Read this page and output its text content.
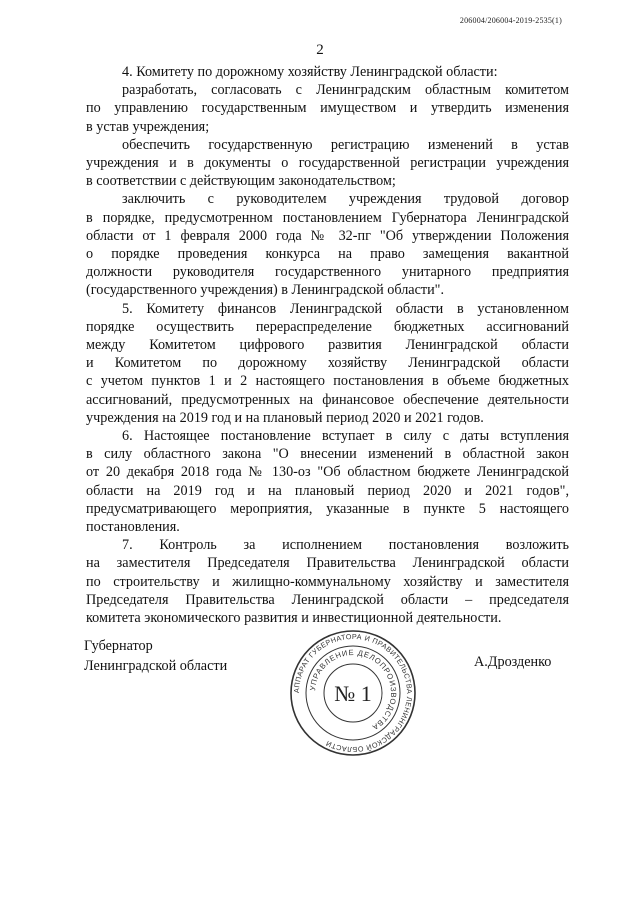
206004/206004-2019-2535(1)
2
4. Комитету по дорожному хозяйству Ленинградской области:
разработать, согласовать с Ленинградским областным комитетом
по управлению государственным имуществом и утвердить изменения
в устав учреждения;
обеспечить государственную регистрацию изменений в устав
учреждения и в документы о государственной регистрации учреждения
в соответствии с действующим законодательством;
заключить с руководителем учреждения трудовой договор
в порядке, предусмотренном постановлением Губернатора Ленинградской
области от 1 февраля 2000 года № 32-пг "Об утверждении Положения
о порядке проведения конкурса на право замещения вакантной
должности руководителя государственного унитарного предприятия
(государственного учреждения) в Ленинградской области".
5. Комитету финансов Ленинградской области в установленном
порядке осуществить перераспределение бюджетных ассигнований
между Комитетом цифрового развития Ленинградской области
и Комитетом по дорожному хозяйству Ленинградской области
с учетом пунктов 1 и 2 настоящего постановления в объеме бюджетных
ассигнований, предусмотренных на финансовое обеспечение деятельности
учреждения на 2019 год и на плановый период 2020 и 2021 годов.
6. Настоящее постановление вступает в силу с даты вступления
в силу областного закона "О внесении изменений в областной закон
от 20 декабря 2018 года № 130-оз "Об областном бюджете Ленинградской
области на 2019 год и на плановый период 2020 и 2021 годов",
предусматривающего мероприятия, указанные в пункте 5 настоящего
постановления.
7. Контроль за исполнением постановления возложить
на заместителя Председателя Правительства Ленинградской области
по строительству и жилищно-коммунальному хозяйству и заместителя
Председателя Правительства Ленинградской области – председателя
комитета экономического развития и инвестиционной деятельности.
Губернатор
Ленинградской области
АППАРАТ ГУБЕРНАТОРА И ПРАВИТЕЛЬСТВА ЛЕНИНГРАДСКОЙ ОБЛАСТИ
УПРАВЛЕНИЕ ДЕЛОПРОИЗВОДСТВА
№ 1
А.Дрозденко
